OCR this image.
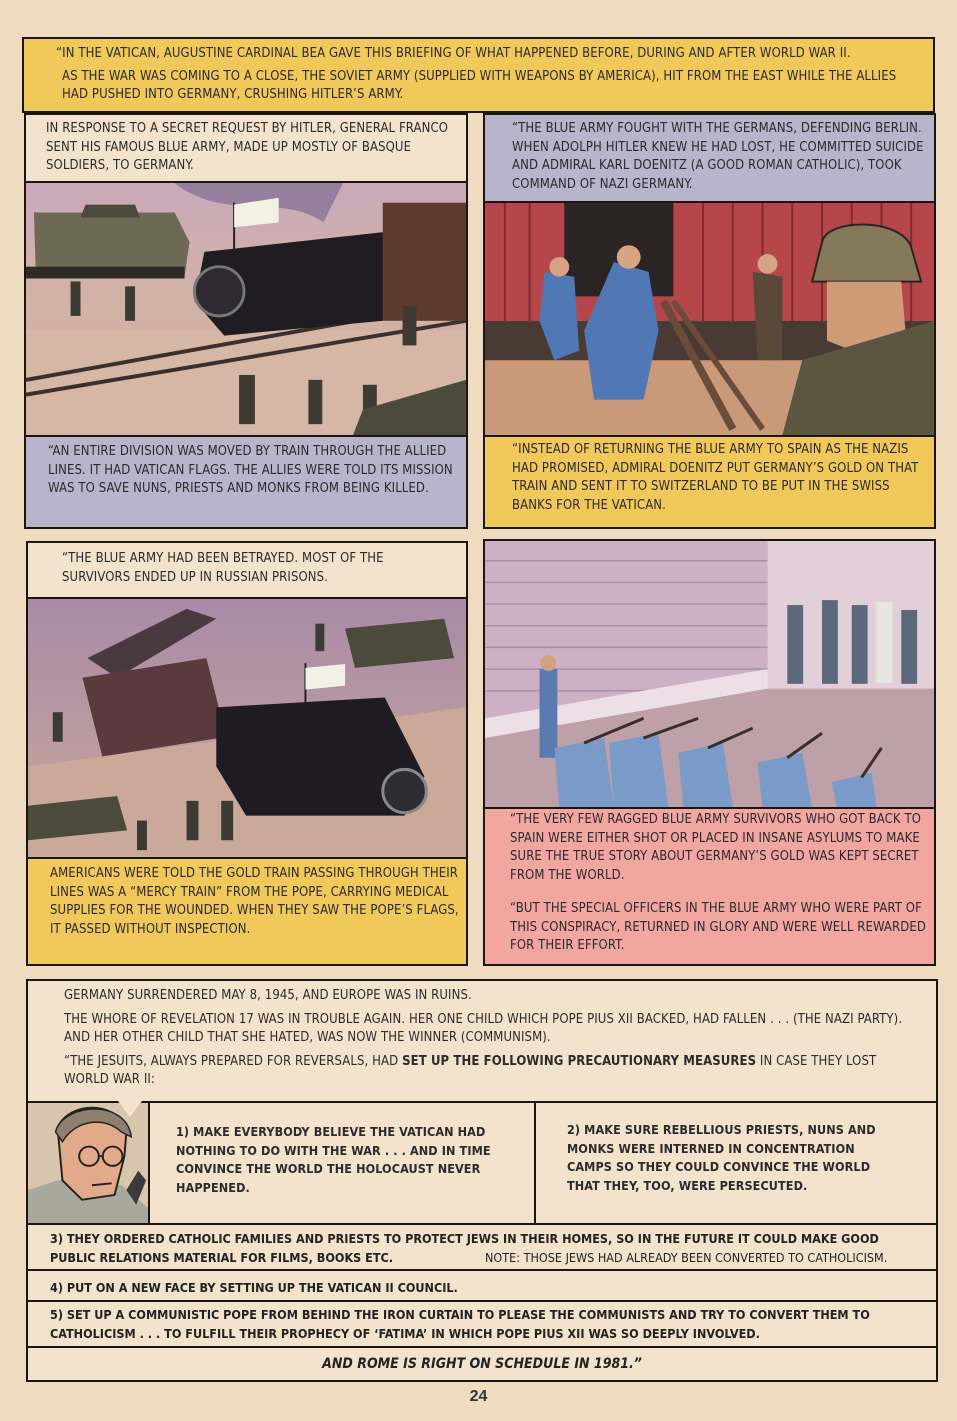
“IN THE VATICAN, AUGUSTINE CARDINAL BEA GAVE THIS BRIEFING OF WHAT HAPPENED BEFORE, DURING AND AFTER WORLD WAR II.

AS THE WAR WAS COMING TO A CLOSE, THE SOVIET ARMY (SUPPLIED WITH WEAPONS BY AMERICA), HIT FROM THE EAST WHILE THE ALLIES HAD PUSHED INTO GERMANY, CRUSHING HITLER’S ARMY.

IN RESPONSE TO A SECRET REQUEST BY HITLER, GENERAL FRANCO SENT HIS FAMOUS BLUE ARMY, MADE UP MOSTLY OF BASQUE SOLDIERS, TO GERMANY.
“AN ENTIRE DIVISION WAS MOVED BY TRAIN THROUGH THE ALLIED LINES. IT HAD VATICAN FLAGS. THE ALLIES WERE TOLD ITS MISSION WAS TO SAVE NUNS, PRIESTS AND MONKS FROM BEING KILLED.
“THE BLUE ARMY FOUGHT WITH THE GERMANS, DEFENDING BERLIN. WHEN ADOLPH HITLER KNEW HE HAD LOST, HE COMMITTED SUICIDE AND ADMIRAL KARL DOENITZ (A GOOD ROMAN CATHOLIC), TOOK COMMAND OF NAZI GERMANY.
“INSTEAD OF RETURNING THE BLUE ARMY TO SPAIN AS THE NAZIS HAD PROMISED, ADMIRAL DOENITZ PUT GERMANY’S GOLD ON THAT TRAIN AND SENT IT TO SWITZERLAND TO BE PUT IN THE SWISS BANKS FOR THE VATICAN.
“THE BLUE ARMY HAD BEEN BETRAYED. MOST OF THE SURVIVORS ENDED UP IN RUSSIAN PRISONS.
AMERICANS WERE TOLD THE GOLD TRAIN PASSING THROUGH THEIR LINES WAS A “MERCY TRAIN” FROM THE POPE, CARRYING MEDICAL SUPPLIES FOR THE WOUNDED. WHEN THEY SAW THE POPE’S FLAGS, IT PASSED WITHOUT INSPECTION.

“THE VERY FEW RAGGED BLUE ARMY SURVIVORS WHO GOT BACK TO SPAIN WERE EITHER SHOT OR PLACED IN INSANE ASYLUMS TO MAKE SURE THE TRUE STORY ABOUT GERMANY’S GOLD WAS KEPT SECRET FROM THE WORLD.

“BUT THE SPECIAL OFFICERS IN THE BLUE ARMY WHO WERE PART OF THIS CONSPIRACY, RETURNED IN GLORY AND WERE WELL REWARDED FOR THEIR EFFORT.

GERMANY SURRENDERED MAY 8, 1945, AND EUROPE WAS IN RUINS.

THE WHORE OF REVELATION 17 WAS IN TROUBLE AGAIN. HER ONE CHILD WHICH POPE PIUS XII BACKED, HAD FALLEN . . . (THE NAZI PARTY). AND HER OTHER CHILD THAT SHE HATED, WAS NOW THE WINNER (COMMUNISM).

“THE JESUITS, ALWAYS PREPARED FOR REVERSALS, HAD SET UP THE FOLLOWING PRECAUTIONARY MEASURES IN CASE THEY LOST WORLD WAR II:

1) MAKE EVERYBODY BELIEVE THE VATICAN HAD NOTHING TO DO WITH THE WAR . . . AND IN TIME CONVINCE THE WORLD THE HOLOCAUST NEVER HAPPENED.
2) MAKE SURE REBELLIOUS PRIESTS, NUNS AND MONKS WERE INTERNED IN CONCENTRATION CAMPS SO THEY COULD CONVINCE THE WORLD THAT THEY, TOO, WERE PERSECUTED.
3) THEY ORDERED CATHOLIC FAMILIES AND PRIESTS TO PROTECT JEWS IN THEIR HOMES, SO IN THE FUTURE IT COULD MAKE GOOD PUBLIC RELATIONS MATERIAL FOR FILMS, BOOKS ETC.	NOTE: THOSE JEWS HAD ALREADY BEEN CONVERTED TO CATHOLICISM.
4) PUT ON A NEW FACE BY SETTING UP THE VATICAN II COUNCIL.
5) SET UP A COMMUNISTIC POPE FROM BEHIND THE IRON CURTAIN TO PLEASE THE COMMUNISTS AND TRY TO CONVERT THEM TO CATHOLICISM . . . TO FULFILL THEIR PROPHECY OF ‘FATIMA’ IN WHICH POPE PIUS XII WAS SO DEEPLY INVOLVED.
AND ROME IS RIGHT ON SCHEDULE IN 1981.”
24
